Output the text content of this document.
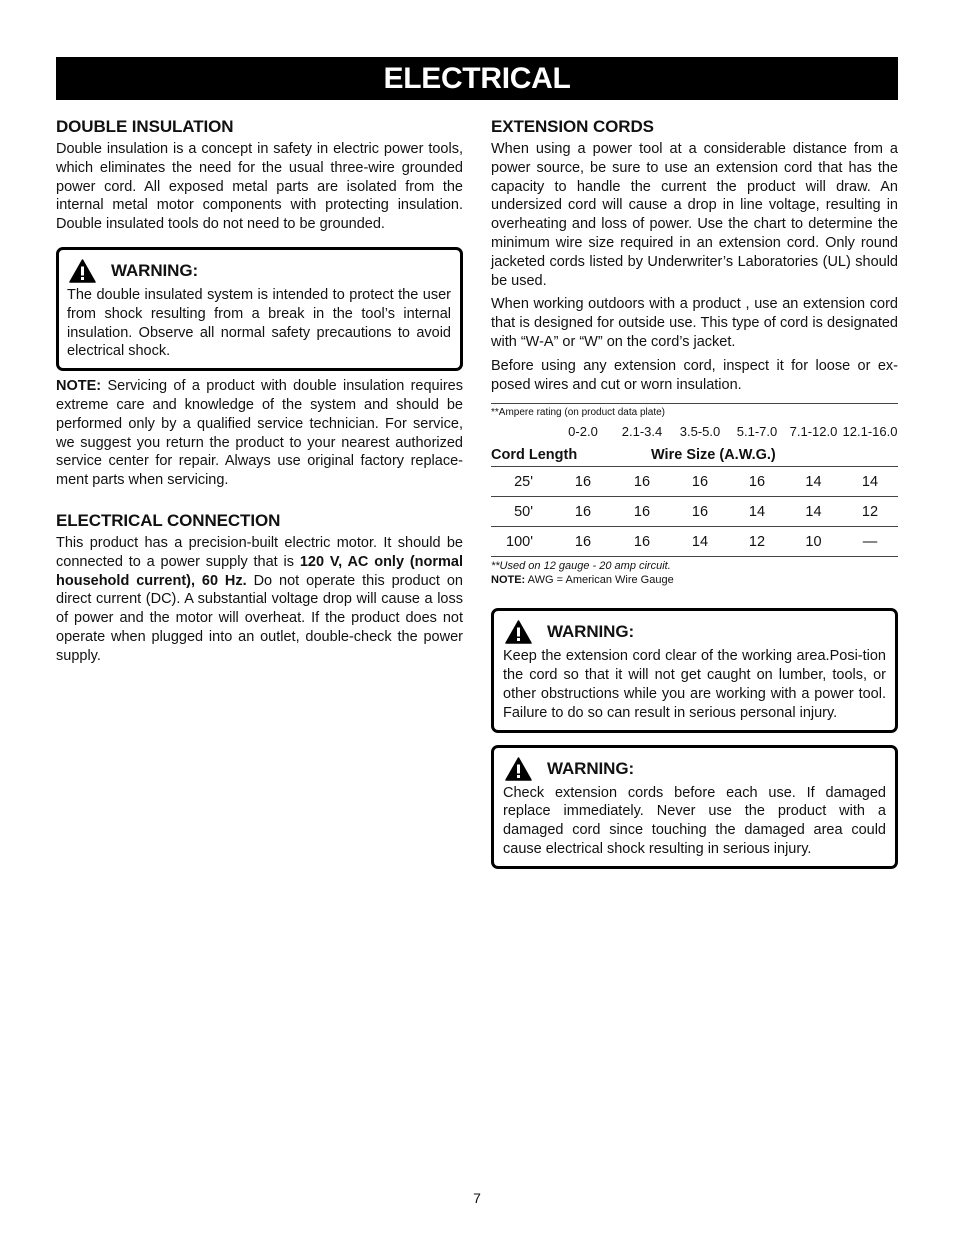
ELECTRICAL
DOUBLE INSULATION

Double insulation is a concept in safety in electric power tools, which eliminates the need for the usual three-wire grounded power cord. All exposed metal parts are isolated from the internal metal motor components with protecting insulation. Double insulated tools do not need to be grounded.

WARNING:

The double insulated system is intended to protect the user from shock resulting from a break in the tool’s internal insulation. Observe all normal safety precautions to avoid electrical shock.

NOTE: Servicing of a product with double insulation requires extreme care and knowledge of the system and should be performed only by a qualified service technician. For service, we suggest you return the product to your nearest authorized service center for repair. Always use original factory replace-ment parts when servicing.

ELECTRICAL CONNECTION

This product has a precision-built electric motor. It should be connected to a power supply that is 120 V, AC only (normal household current), 60 Hz. Do not operate this product on direct current (DC). A substantial voltage drop will cause a loss of power and the motor will overheat. If the product does not operate when plugged into an outlet, double-check the power supply.

EXTENSION CORDS

When using a power tool at a considerable distance from a power source, be sure to use an extension cord that has the capacity to handle the current the product will draw. An undersized cord will cause a drop in line voltage, resulting in overheating and loss of power. Use the chart to determine the minimum wire size required in an extension cord. Only round jacketed cords listed by Underwriter’s Laboratories (UL) should be used.

When working outdoors with a product , use an extension cord that is designed for outside use. This type of cord is designated with “W-A” or “W” on the cord’s jacket.

Before using any extension cord, inspect it for loose or ex-posed wires and cut or worn insulation.

**Ampere rating (on product data plate)						
	0-2.0	2.1-3.4	3.5-5.0	5.1-7.0	7.1-12.0	12.1-16.0
Cord Length		Wire Size (A.W.G.)				
25'	16	16	16	16	14	14
50'	16	16	16	14	14	12
100'	16	16	14	12	10	—
**Used on 12 gauge - 20 amp circuit.
NOTE: AWG = American Wire Gauge
WARNING:

Keep the extension cord clear of the working area.Posi-tion the cord so that it will not get caught on lumber, tools, or other obstructions while you are working with a power tool. Failure to do so can result in serious personal injury.

WARNING:

Check extension cords before each use. If damaged replace immediately. Never use the product with a damaged cord since touching the damaged area could cause electrical shock resulting in serious injury.

7
